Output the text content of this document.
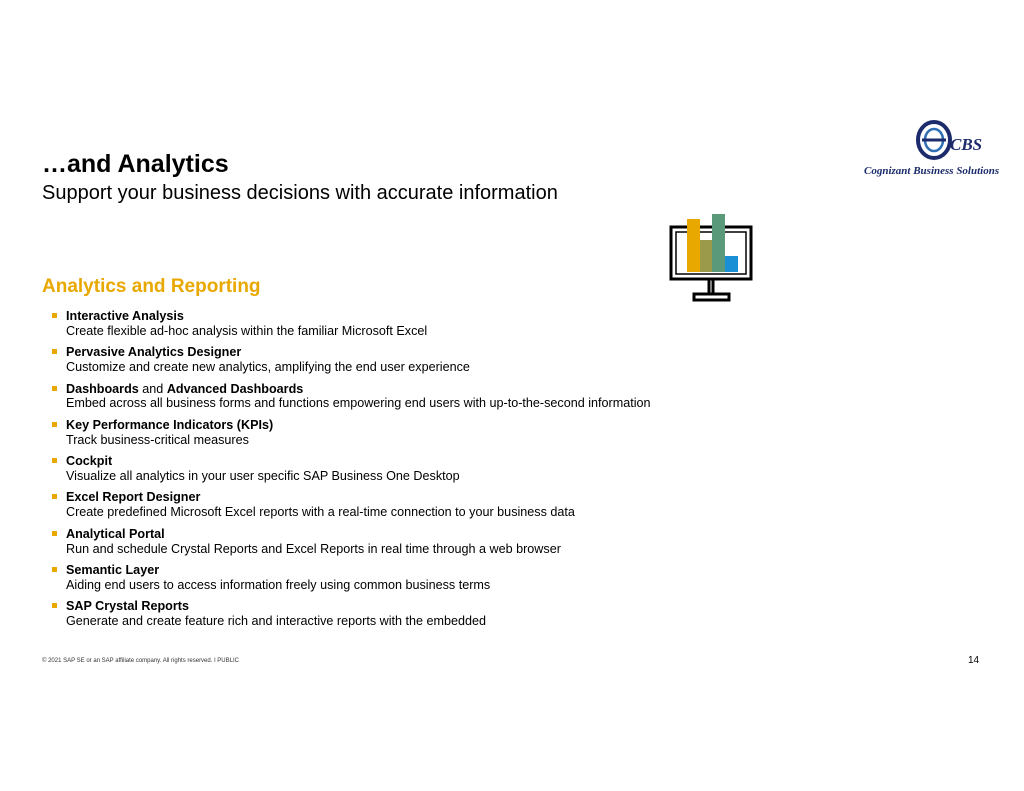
…and Analytics

Support your business decisions with accurate information

CBS
Cognizant Business Solutions
Analytics and Reporting
Interactive Analysis
Create flexible ad-hoc analysis within the familiar Microsoft Excel
Pervasive Analytics Designer
Customize and create new analytics, amplifying the end user experience
Dashboards and Advanced Dashboards
Embed across all business forms and functions empowering end users with up-to-the-second information
Key Performance Indicators (KPIs)
Track business-critical measures
Cockpit
Visualize all analytics in your user specific SAP Business One Desktop
Excel Report Designer
Create predefined Microsoft Excel reports with a real-time connection to your business data
Analytical Portal
Run and schedule Crystal Reports and Excel Reports in real time through a web browser
Semantic Layer
Aiding end users to access information freely using common business terms
SAP Crystal Reports
Generate and create feature rich and interactive reports with the embedded
© 2021 SAP SE or an SAP affiliate company. All rights reserved. ǀ PUBLIC	14
